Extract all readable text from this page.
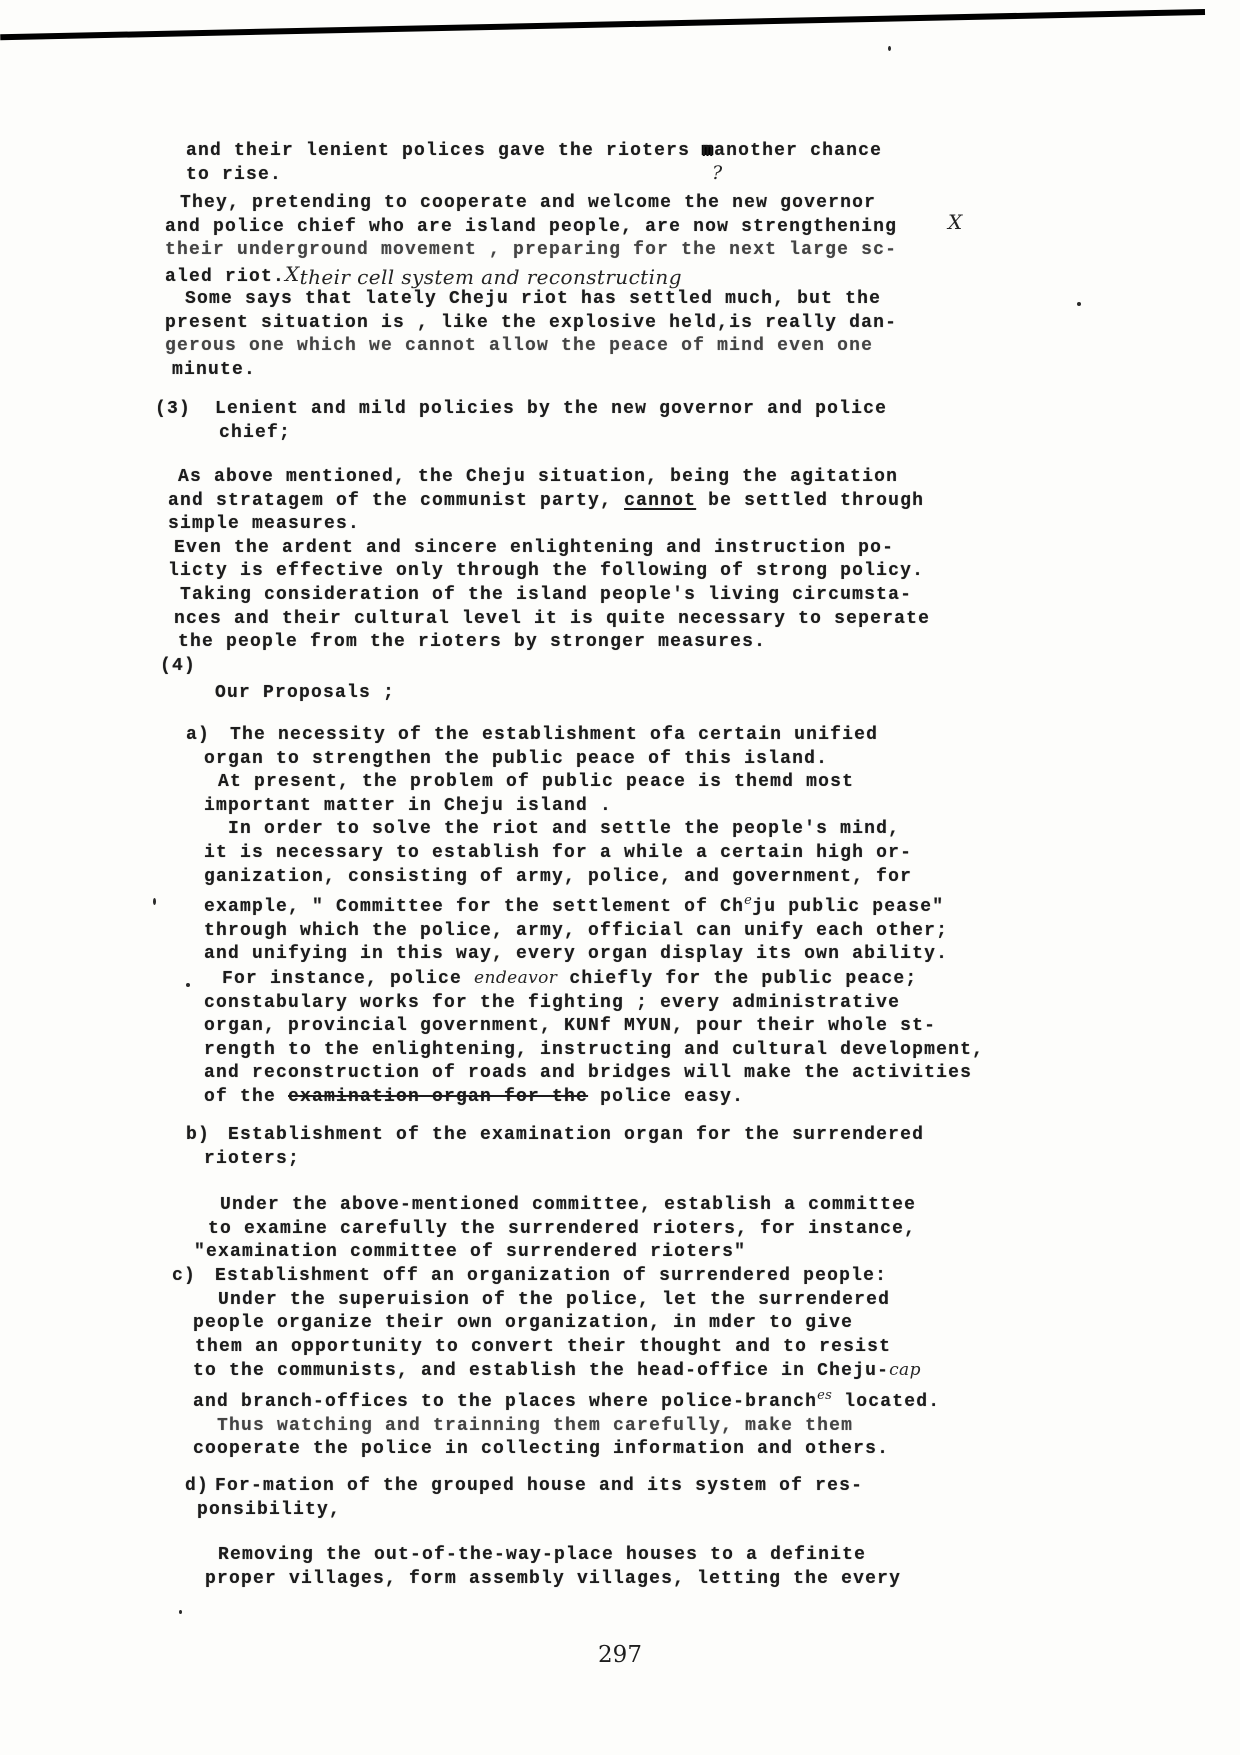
and their lenient polices gave the rioters manother chance
to rise.	?
They, pretending to cooperate and welcome the new governor
and police chief who are island people, are now strengthening
their underground movement , preparing for the next large sc-
aled riot.Xtheir cell system and reconstructing
X
Some says that lately Cheju riot has settled much, but the
present situation is , like the explosive held,is really dan-
gerous one which we cannot allow the peace of mind even one
minute.
(3)  Lenient and mild policies by the new governor and police
chief;
As above mentioned, the Cheju situation, being the agitation
and stratagem of the communist party, cannot be settled through
simple measures.
Even the ardent and sincere enlightening and instruction po-
licty is effective only through the following of strong policy.
Taking consideration of the island people's living circumsta-
nces and their cultural level it is quite necessary to seperate
the people from the rioters by stronger measures.
(4)
Our Proposals ;
a)	The necessity of the establishment ofa certain unified
organ to strengthen the public peace of this island.
At present, the problem of public peace is themd most
important matter in Cheju island .
In order to solve the riot and settle the people's mind,
it is necessary to establish for a while a certain high or-
ganization, consisting of army, police, and government, for
example, " Committee for the settlement of Ch$^e$ju public pease"
through which the police, army, official can unify each other;
and unifying in this way, every organ display its own ability.
For instance, police endeavor chiefly for the public peace;
constabulary works for the fighting ; every administrative
organ, provincial government, KUNf MYUN, pour their whole st-
rength to the enlightening, instructing and cultural development,
and reconstruction of roads and bridges will make the activities
of the examination organ for the police easy.
b) Establishment of the examination organ for the surrendered
rioters;
Under the above-mentioned committee, establish a committee
to examine carefully the surrendered rioters, for instance,
"examination committee of surrendered rioters"
c)	Establishment off an organization of surrendered people:
Under the superuision of the police, let the surrendered
people organize their own organization, in mder to give
them an opportunity to convert their thought and to resist
to the communists, and establish the head-office in Cheju-cap
and branch-offices to the places where police-branch$^{es}$ located.
Thus watching and trainning them carefully, make them
cooperate the police in collecting information and others.
d) For-mation of the grouped house and its system of res-
ponsibility,
Removing the out-of-the-way-place houses to a definite
proper villages, form assembly villages, letting the every
297
